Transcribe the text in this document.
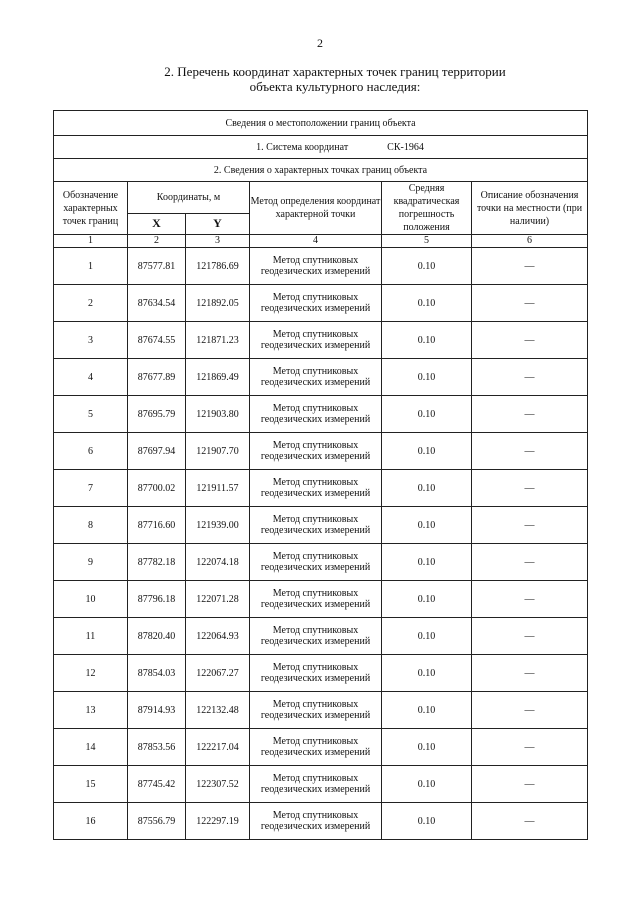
2
2. Перечень координат характерных точек границ территории
объекта культурного наследия:
Сведения о местоположении границ объекта					
1. Система координат СК-1964					
2. Сведения о характерных точках границ объекта					
Обозначение характерных точек границ	Координаты, м		Метод определения координат характерной точки	Средняя квадратическая погрешность положения	Описание обозначения точки на местности (при наличии)
	X	Y			
1	2	3	4	5	6
1	87577.81	121786.69	Метод спутниковых геодезических измерений	0.10	—
2	87634.54	121892.05	Метод спутниковых геодезических измерений	0.10	—
3	87674.55	121871.23	Метод спутниковых геодезических измерений	0.10	—
4	87677.89	121869.49	Метод спутниковых геодезических измерений	0.10	—
5	87695.79	121903.80	Метод спутниковых геодезических измерений	0.10	—
6	87697.94	121907.70	Метод спутниковых геодезических измерений	0.10	—
7	87700.02	121911.57	Метод спутниковых геодезических измерений	0.10	—
8	87716.60	121939.00	Метод спутниковых геодезических измерений	0.10	—
9	87782.18	122074.18	Метод спутниковых геодезических измерений	0.10	—
10	87796.18	122071.28	Метод спутниковых геодезических измерений	0.10	—
11	87820.40	122064.93	Метод спутниковых геодезических измерений	0.10	—
12	87854.03	122067.27	Метод спутниковых геодезических измерений	0.10	—
13	87914.93	122132.48	Метод спутниковых геодезических измерений	0.10	—
14	87853.56	122217.04	Метод спутниковых геодезических измерений	0.10	—
15	87745.42	122307.52	Метод спутниковых геодезических измерений	0.10	—
16	87556.79	122297.19	Метод спутниковых геодезических измерений	0.10	—
